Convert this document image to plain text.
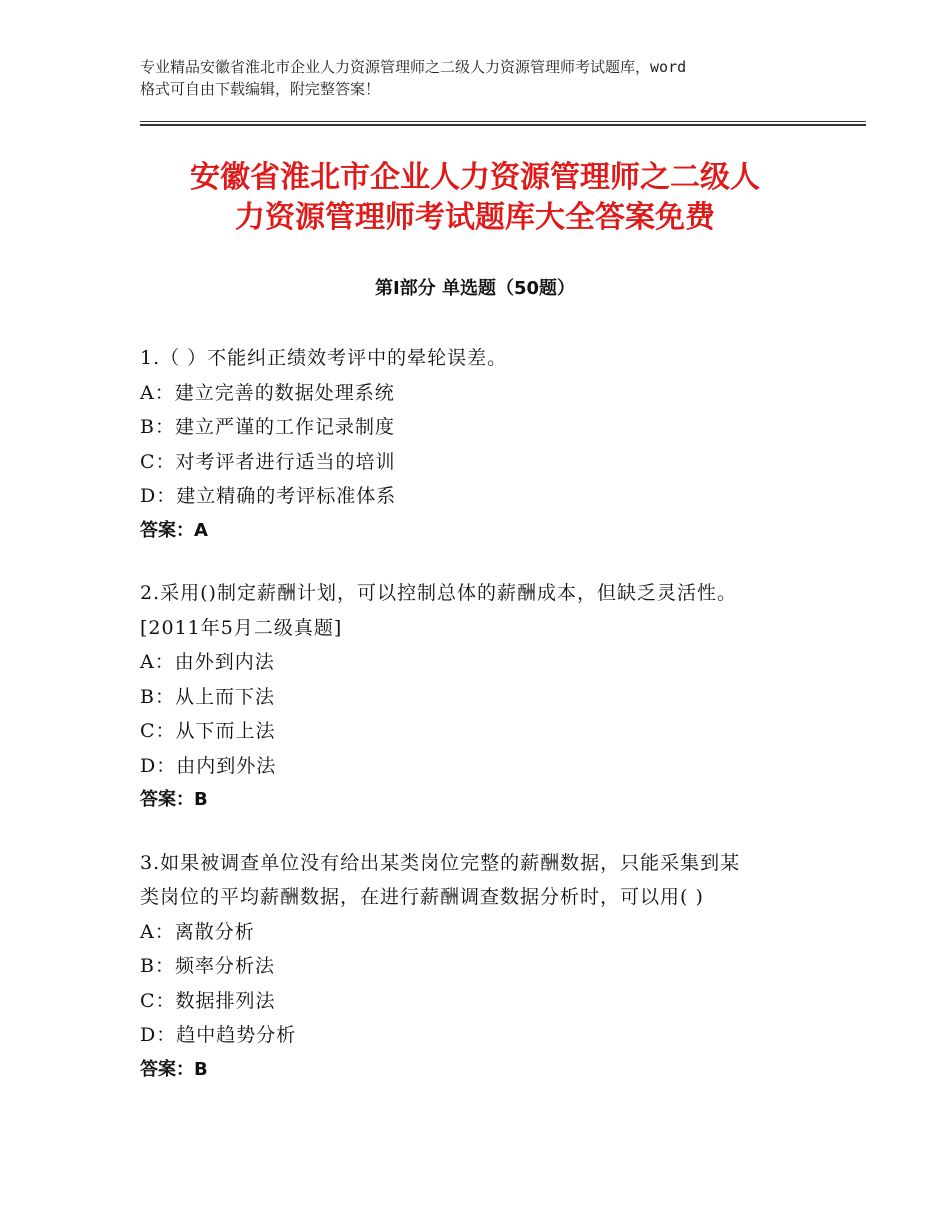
专业精品安徽省淮北市企业人力资源管理师之二级人力资源管理师考试题库，word
格式可自由下载编辑，附完整答案！
安徽省淮北市企业人力资源管理师之二级人
力资源管理师考试题库大全答案免费
第Ⅰ部分 单选题（50题）
1.（ ）不能纠正绩效考评中的晕轮误差。
A：建立完善的数据处理系统
B：建立严谨的工作记录制度
C：对考评者进行适当的培训
D：建立精确的考评标准体系
答案：A
2.采用()制定薪酬计划，可以控制总体的薪酬成本，但缺乏灵活性。
[2011年5月二级真题]
A：由外到内法
B：从上而下法
C：从下而上法
D：由内到外法
答案：B
3.如果被调查单位没有给出某类岗位完整的薪酬数据，只能采集到某
类岗位的平均薪酬数据，在进行薪酬调查数据分析时，可以用( )
A：离散分析
B：频率分析法
C：数据排列法
D：趋中趋势分析
答案：B
